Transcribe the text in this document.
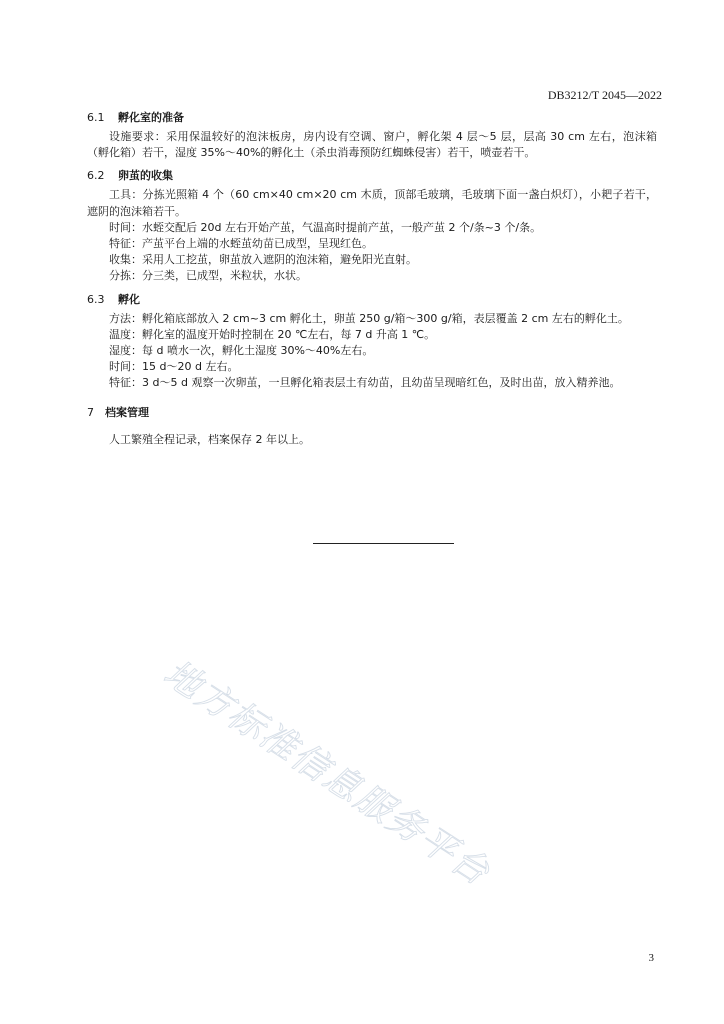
DB3212/T 2045—2022
6.1 孵化室的准备

设施要求：采用保温较好的泡沫板房，房内设有空调、窗户，孵化架 4 层～5 层，层高 30 cm 左右，泡沫箱（孵化箱）若干，湿度 35%～40%的孵化土（杀虫消毒预防红蜘蛛侵害）若干，喷壶若干。

6.2 卵茧的收集

工具：分拣光照箱 4 个（60 cm×40 cm×20 cm 木质，顶部毛玻璃，毛玻璃下面一盏白炽灯），小耙子若干，遮阴的泡沫箱若干。

时间：水蛭交配后 20d 左右开始产茧，气温高时提前产茧，一般产茧 2 个/条~3 个/条。

特征：产茧平台上端的水蛭茧幼苗已成型，呈现红色。

收集：采用人工挖茧，卵茧放入遮阴的泡沫箱，避免阳光直射。

分拣：分三类，已成型，米粒状，水状。

6.3 孵化

方法：孵化箱底部放入 2 cm~3 cm 孵化土，卵茧 250 g/箱～300 g/箱，表层覆盖 2 cm 左右的孵化土。

温度：孵化室的温度开始时控制在 20 ℃左右，每 7 d 升高 1 ℃。

湿度：每 d 喷水一次，孵化土湿度 30%～40%左右。

时间：15 d～20 d 左右。

特征：3 d～5 d 观察一次卵茧，一旦孵化箱表层土有幼苗，且幼苗呈现暗红色，及时出苗，放入精养池。

7 档案管理

人工繁殖全程记录，档案保存 2 年以上。

地方标准信息服务平台
3
